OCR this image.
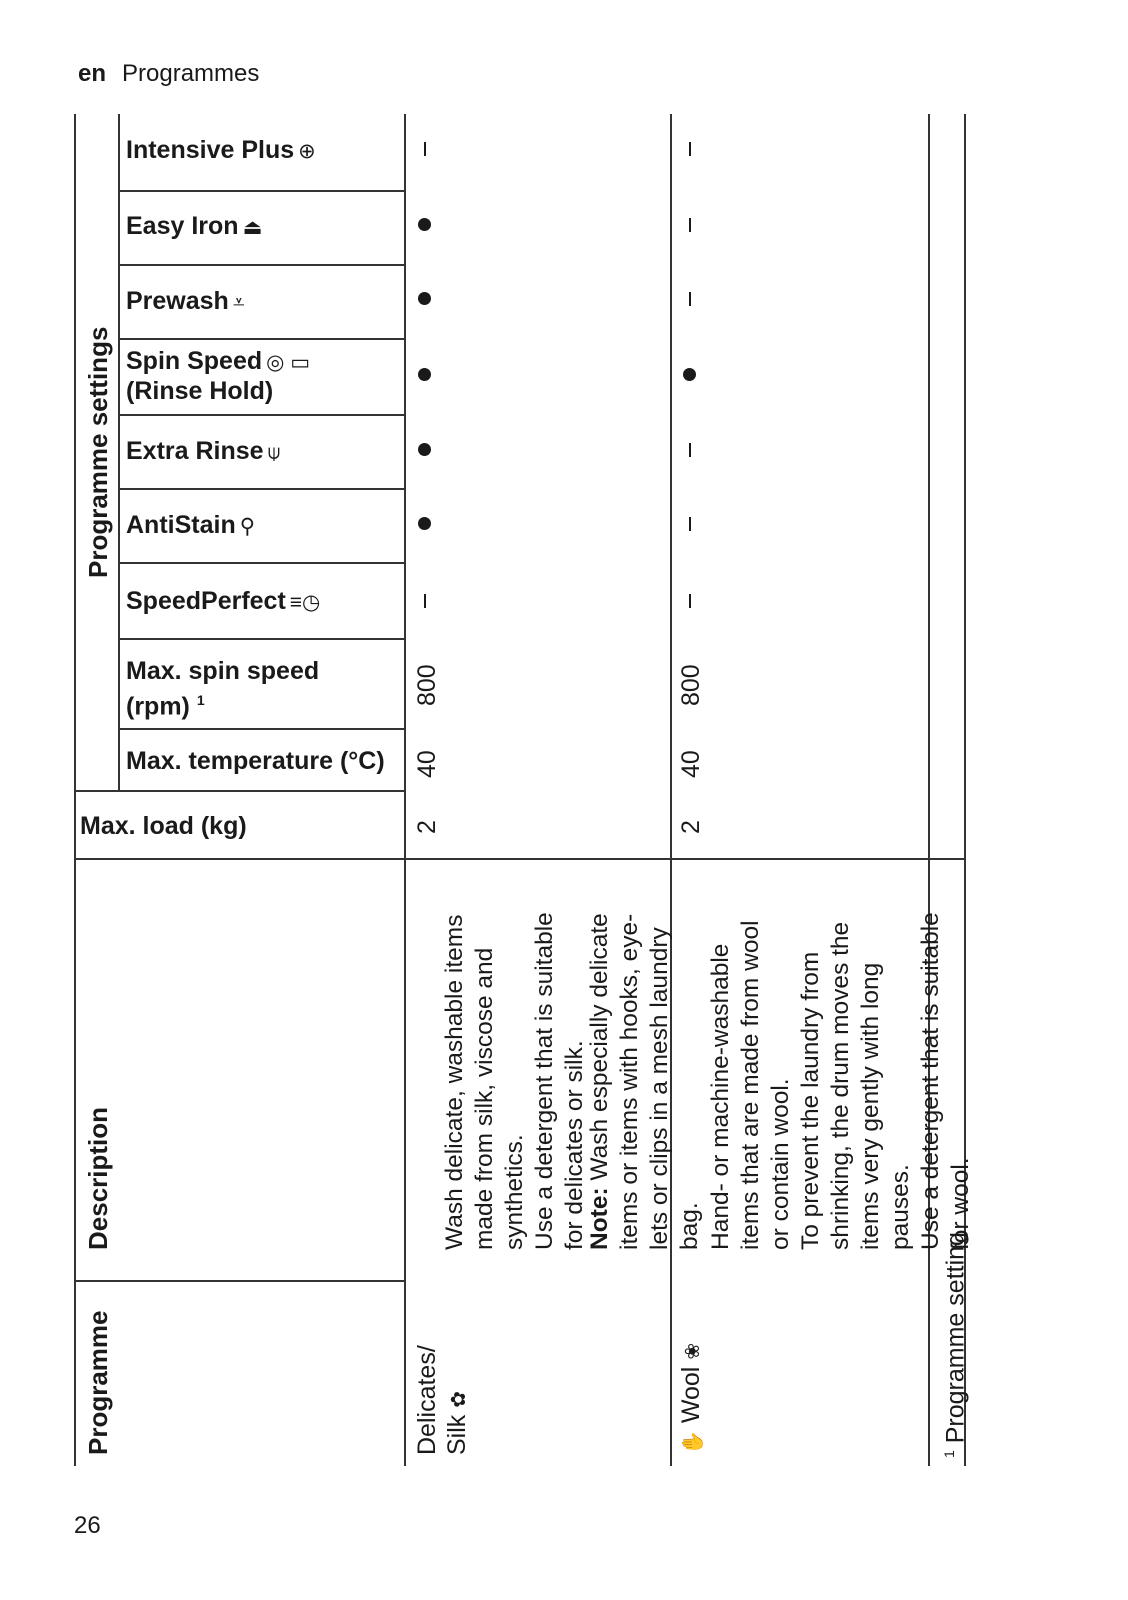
en Programmes
Programme settings
Description
Programme
Intensive Plus ⊕
Easy Iron ⏏
Prewash ⩡
Spin Speed ◎ ▭
(Rinse Hold)
Extra Rinse ⍦
AntiStain ⚲
SpeedPerfect ≡◷
Max. spin speed
(rpm) $^1$
Max. temperature (°C)
Max. load (kg)
Delicates/
Silk ✿

Wash delicate, washable items made from silk, viscose and synthetics. Use a detergent that is suitable for delicates or silk.

Note: Wash especially delicate items or items with hooks, eye- lets or clips in a mesh laundry bag.

2
40
800
✋ Wool ❀

Hand- or machine-washable items that are made from wool or contain wool. To prevent the laundry from shrinking, the drum moves the items very gently with long pauses. Use a detergent that is suitable for wool.

2
40
800
$^1$ Programme setting
26
